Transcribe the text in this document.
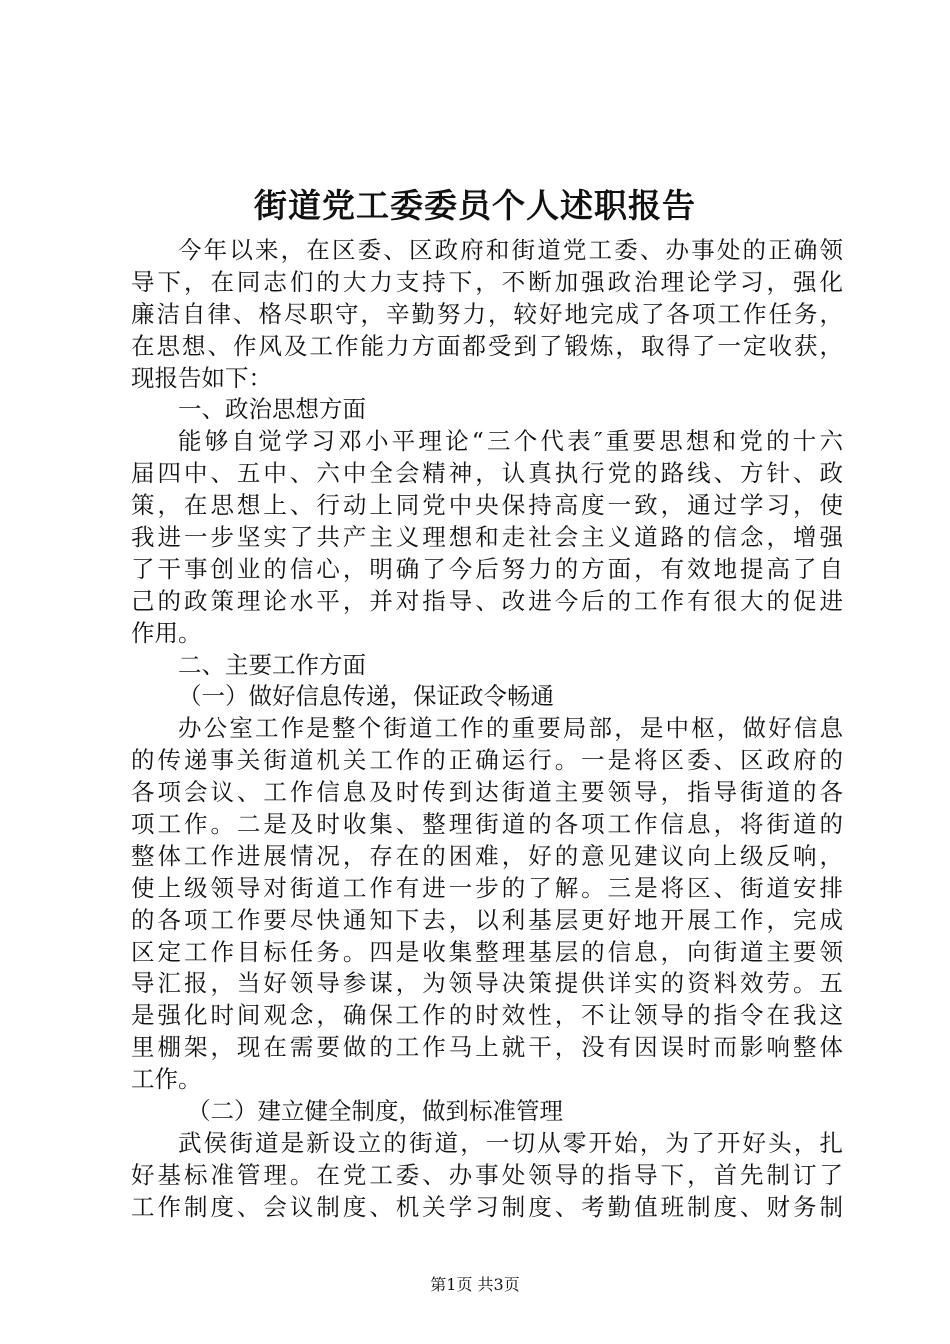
街道党工委委员个人述职报告
今年以来，在区委、区政府和街道党工委、办事处的正确领
导下，在同志们的大力支持下，不断加强政治理论学习，强化
廉洁自律、格尽职守，辛勤努力，较好地完成了各项工作任务，
在思想、作风及工作能力方面都受到了锻炼，取得了一定收获，
现报告如下：
一、政治思想方面
能够自觉学习邓小平理论“三个代表″重要思想和党的十六
届四中、五中、六中全会精神，认真执行党的路线、方针、政
策，在思想上、行动上同党中央保持高度一致，通过学习，使
我进一步坚实了共产主义理想和走社会主义道路的信念，增强
了干事创业的信心，明确了今后努力的方面，有效地提高了自
己的政策理论水平，并对指导、改进今后的工作有很大的促进
作用。
二、主要工作方面
（一）做好信息传递，保证政令畅通
办公室工作是整个街道工作的重要局部，是中枢，做好信息
的传递事关街道机关工作的正确运行。一是将区委、区政府的
各项会议、工作信息及时传到达街道主要领导，指导街道的各
项工作。二是及时收集、整理街道的各项工作信息，将街道的
整体工作进展情况，存在的困难，好的意见建议向上级反响，
使上级领导对街道工作有进一步的了解。三是将区、街道安排
的各项工作要尽快通知下去，以利基层更好地开展工作，完成
区定工作目标任务。四是收集整理基层的信息，向街道主要领
导汇报，当好领导参谋，为领导决策提供详实的资料效劳。五
是强化时间观念，确保工作的时效性，不让领导的指令在我这
里棚架，现在需要做的工作马上就干，没有因误时而影响整体
工作。
（二）建立健全制度，做到标准管理
武侯街道是新设立的街道，一切从零开始，为了开好头，扎
好基标准管理。在党工委、办事处领导的指导下，首先制订了
工作制度、会议制度、机关学习制度、考勤值班制度、财务制
第1页 共3页
